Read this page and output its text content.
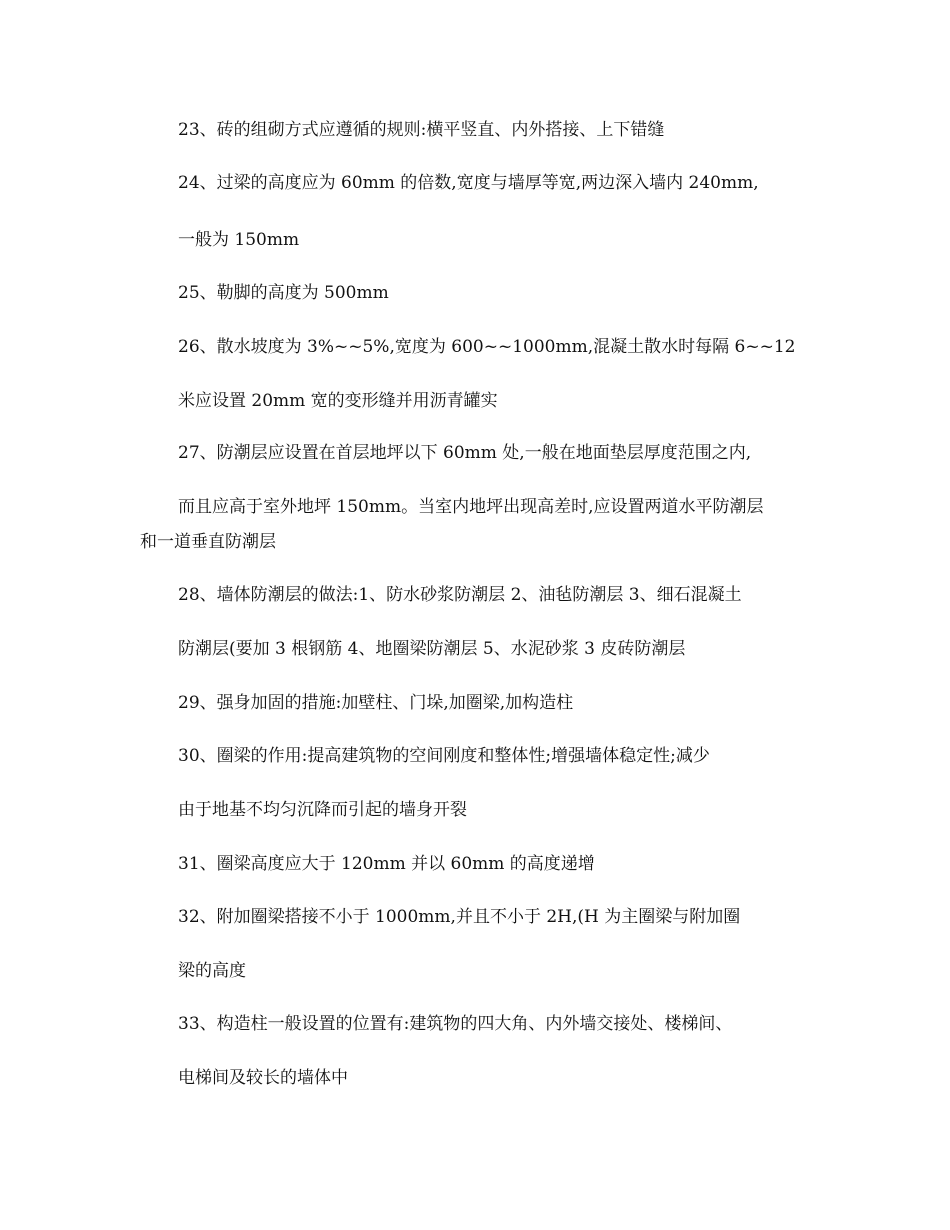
23、砖的组砌方式应遵循的规则:横平竖直、内外搭接、上下错缝

24、过梁的高度应为 60mm 的倍数,宽度与墙厚等宽,两边深入墙内 240mm,

一般为 150mm

25、勒脚的高度为 500mm

26、散水坡度为 3%~~5%,宽度为 600~~1000mm,混凝土散水时每隔 6~~12

米应设置 20mm 宽的变形缝并用沥青罐实

27、防潮层应设置在首层地坪以下 60mm 处,一般在地面垫层厚度范围之内,

而且应高于室外地坪 150mm。当室内地坪出现高差时,应设置两道水平防潮层

和一道垂直防潮层

28、墙体防潮层的做法:1、防水砂浆防潮层 2、油毡防潮层 3、细石混凝土

防潮层(要加 3 根钢筋 4、地圈梁防潮层 5、水泥砂浆 3 皮砖防潮层

29、强身加固的措施:加壁柱、门垛,加圈梁,加构造柱

30、圈梁的作用:提高建筑物的空间刚度和整体性;增强墙体稳定性;减少

由于地基不均匀沉降而引起的墙身开裂

31、圈梁高度应大于 120mm 并以 60mm 的高度递增

32、附加圈梁搭接不小于 1000mm,并且不小于 2H,(H 为主圈梁与附加圈

梁的高度

33、构造柱一般设置的位置有:建筑物的四大角、内外墙交接处、楼梯间、

电梯间及较长的墙体中
